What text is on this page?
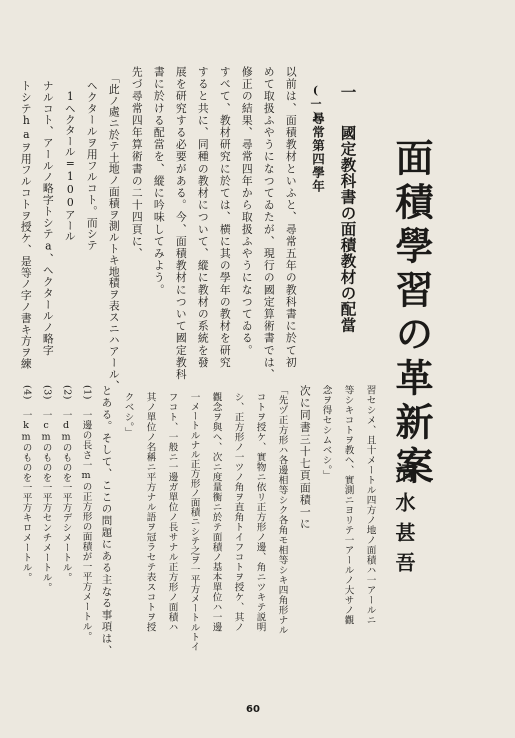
面積學習の革新案
清水甚吾
一
國定教科書の面積教材の配當
(一)
尋常第四學年
以前は、面積教材といふと、尋常五年の教科書に於て初
めて取扱ふやうになつてゐたが、現行の國定算術書では、
修正の結果、尋常四年から取扱ふやうになつてゐる。
すべて、教材研究に於ては、横に其の學年の教材を研究
すると共に、同種の教材について、縱に教材の系統を發
展を研究する必要がある。今、面積教材について國定教科
書に於ける配當を、縱に吟味してみよう。
先づ尋常四年算術書の二十四頁に、
「此ノ處ニ於テ土地ノ面積ヲ測ルトキ地積ヲ表スニハアール、
ヘクタールヲ用フルコト。而シテ
1ヘクタール=100アール
ナルコト、アールノ略字トシテa、ヘクタールノ略字
トシテhaヲ用フルコトヲ授ケ、是等ノ字ノ書キ方ヲ練
習セシメ、且十メートル四方ノ地ノ面積ハ一アールニ
等シキコトヲ教ヘ、實測ニヨリテ一アールノ大サノ觀
念ヲ得セシムベシ。」
次に同書三十七頁面積一に
「先ヅ正方形ハ各邊相等シク各角モ相等シキ四角形ナル
コトヲ授ケ、實物ニ依リ正方形ノ邊、角ニツキテ説明
シ、正方形ノ一ツノ角ヲ直角トイフコトヲ授ケ、其ノ
觀念ヲ與ヘ、次ニ度量衡ニ於テ面積ノ基本單位ハ一邊
一メートルナル正方形ノ面積ニシテ之ヲ一平方メートルトイ
フコト、一般ニ一邊ガ單位ノ長サナル正方形ノ面積ハ
其ノ單位ノ名稱ニ平方ナル語ヲ冠ラセテ表スコトヲ授
クベシ。」
とある。そして、ここの問題にある主なる事項は、
(1)
一邊の長さ一mの正方形の面積が一平方メートル。
(2)
一dmのものを一平方デシメートル。
(3)
一cmのものを一平方センチメートル。
(4)
一kmのものを一平方キロメートル。
60
